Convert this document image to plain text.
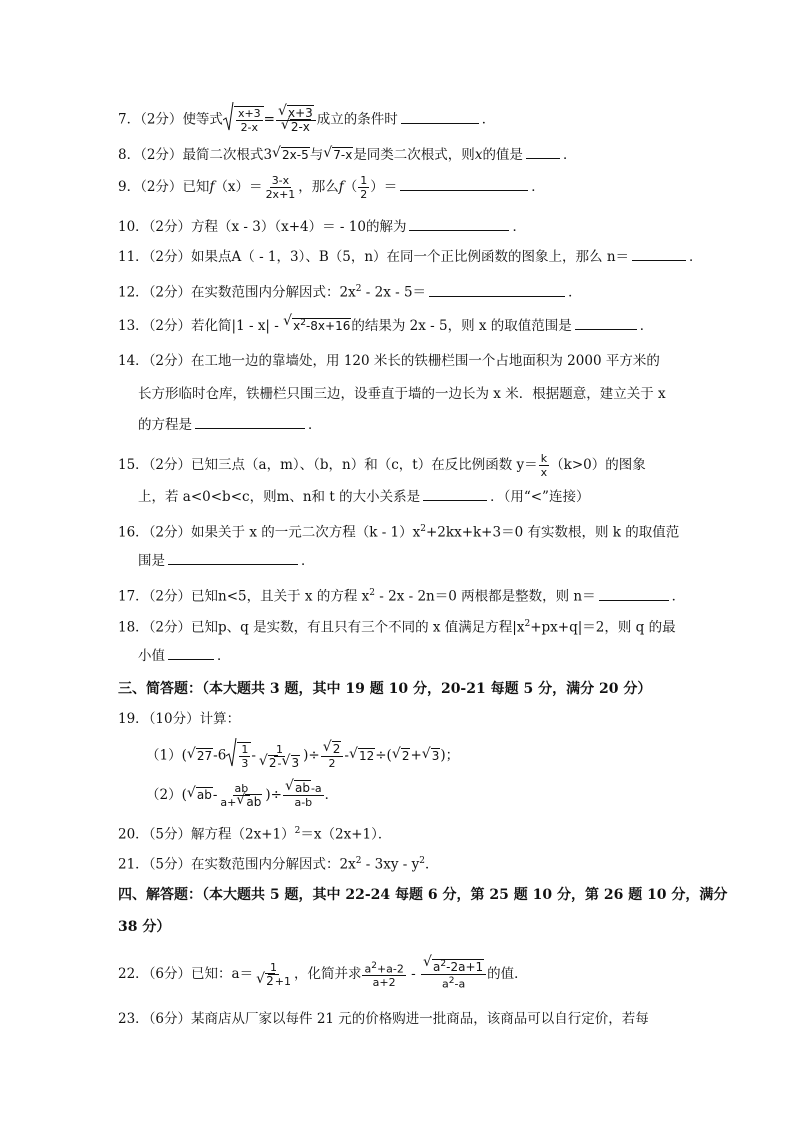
7．（2分）使等式 $\frac{x+3}{2-x}$ = √ x+3
√ 2-x 成立的条件时	．
8．（2分）最简二次根式3 √ 2x-5与 √ 7-x是同类二次根式，则x的值是	．
9．（2分）已知$f(x)= \frac{3-x}{2x+1}$ ，那么$f( \frac{1}{2}$ ）＝	．
10．（2分）方程（x - 3）（x+4）＝ - 10的解为	．
11．（2分）如果点A（ - 1，3）、B（5，n）在同一个正比例函数的图象上，那么 n＝	．
12．（2分）在实数范围内分解因式：$2x^2 - 2x - 5=$	．
13．（2分）若化简|1 - x| - √ $x^2-8x+16$的结果为 2x - 5，则 x 的取值范围是	．
14．（2分）在工地一边的靠墙处，用 120 米长的铁栅栏围一个占地面积为 2000 平方米的
长方形临时仓库，铁栅栏只围三边，设垂直于墙的一边长为 x 米．根据题意，建立关于 x
的方程是	．
15．（2分）已知三点（a，m）、（b，n）和（c，t）在反比例函数 $y= \frac{k}{x} (k>0)$的图象
上，若 a<0<b<c，则m、n和 t 的大小关系是	．（用“<”连接）
16．（2分）如果关于 x 的一元二次方程$(k - 1)x^2+2kx+k+3=0$ 有实数根，则 k 的取值范
围是	．
17．（2分）已知n<5，且关于 x 的方程 $x^2 - 2x - 2n=0$ 两根都是整数，则 n＝	．
18．（2分）已知p、q 是实数，有且只有三个不同的 x 值满足方程$|x^2+px+q|=2$，则 q 的最
小值	．
三、简答题：（本大题共 3 题，其中 19 题 10 分，20-21 每题 5 分，满分 20 分）
19．（10分）计算：
（1）( √ $27-6 \frac{1}{3} - 1$
√ 2- √ 3 )÷ √ $\frac{2}{2}$ - √ 12÷( √ 2+ √ 3)；
（2）( √ $ab- \frac{ab}{a+ √ ab}$ )÷ √ $\frac{ab-a}{a-b}$ ．
20．（5分）解方程$(2x+1)^2=x(2x+1)$．
21．（5分）在实数范围内分解因式：$2x^2 - 3xy - y^2$．
四、解答题：（本大题共 5 题，其中 22-24 每题 6 分，第 25 题 10 分，第 26 题 10 分，满分
38 分）
22．（6分）已知：a＝ 1
√ 2+1 ，化简并求 $\frac{a^2+a-2}{a+2}$ - √ $\frac{a^2-2a+1}{a^2-a}$ 的值．
23．（6分）某商店从厂家以每件 21 元的价格购进一批商品，该商品可以自行定价，若每
